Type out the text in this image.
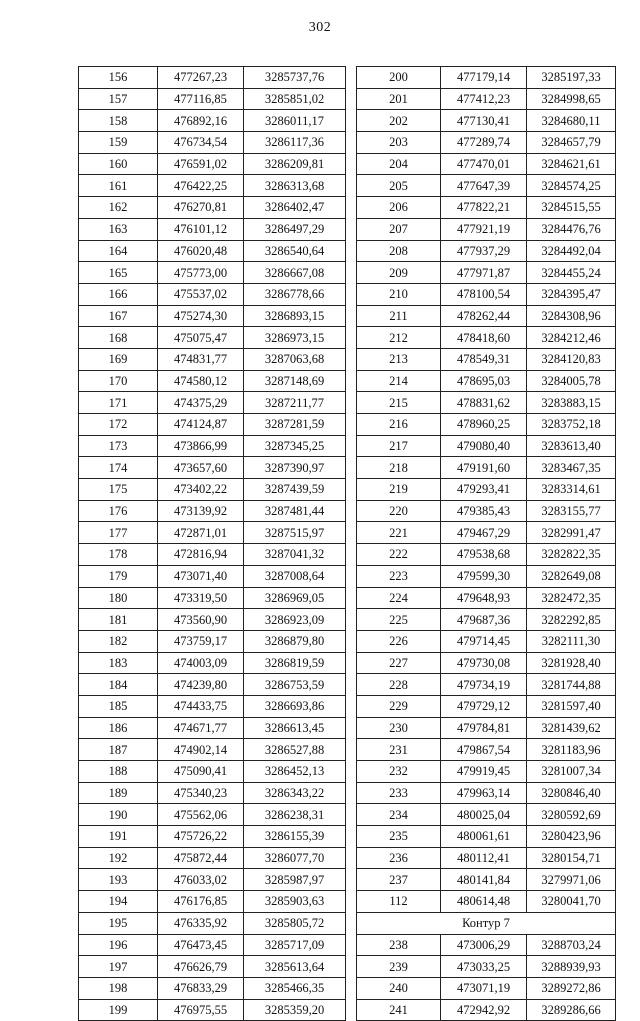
302
156	477267,23	3285737,76
157	477116,85	3285851,02
158	476892,16	3286011,17
159	476734,54	3286117,36
160	476591,02	3286209,81
161	476422,25	3286313,68
162	476270,81	3286402,47
163	476101,12	3286497,29
164	476020,48	3286540,64
165	475773,00	3286667,08
166	475537,02	3286778,66
167	475274,30	3286893,15
168	475075,47	3286973,15
169	474831,77	3287063,68
170	474580,12	3287148,69
171	474375,29	3287211,77
172	474124,87	3287281,59
173	473866,99	3287345,25
174	473657,60	3287390,97
175	473402,22	3287439,59
176	473139,92	3287481,44
177	472871,01	3287515,97
178	472816,94	3287041,32
179	473071,40	3287008,64
180	473319,50	3286969,05
181	473560,90	3286923,09
182	473759,17	3286879,80
183	474003,09	3286819,59
184	474239,80	3286753,59
185	474433,75	3286693,86
186	474671,77	3286613,45
187	474902,14	3286527,88
188	475090,41	3286452,13
189	475340,23	3286343,22
190	475562,06	3286238,31
191	475726,22	3286155,39
192	475872,44	3286077,70
193	476033,02	3285987,97
194	476176,85	3285903,63
195	476335,92	3285805,72
196	476473,45	3285717,09
197	476626,79	3285613,64
198	476833,29	3285466,35
199	476975,55	3285359,20
200	477179,14	3285197,33
201	477412,23	3284998,65
202	477130,41	3284680,11
203	477289,74	3284657,79
204	477470,01	3284621,61
205	477647,39	3284574,25
206	477822,21	3284515,55
207	477921,19	3284476,76
208	477937,29	3284492,04
209	477971,87	3284455,24
210	478100,54	3284395,47
211	478262,44	3284308,96
212	478418,60	3284212,46
213	478549,31	3284120,83
214	478695,03	3284005,78
215	478831,62	3283883,15
216	478960,25	3283752,18
217	479080,40	3283613,40
218	479191,60	3283467,35
219	479293,41	3283314,61
220	479385,43	3283155,77
221	479467,29	3282991,47
222	479538,68	3282822,35
223	479599,30	3282649,08
224	479648,93	3282472,35
225	479687,36	3282292,85
226	479714,45	3282111,30
227	479730,08	3281928,40
228	479734,19	3281744,88
229	479729,12	3281597,40
230	479784,81	3281439,62
231	479867,54	3281183,96
232	479919,45	3281007,34
233	479963,14	3280846,40
234	480025,04	3280592,69
235	480061,61	3280423,96
236	480112,41	3280154,71
237	480141,84	3279971,06
112	480614,48	3280041,70
Контур 7		
238	473006,29	3288703,24
239	473033,25	3288939,93
240	473071,19	3289272,86
241	472942,92	3289286,66
